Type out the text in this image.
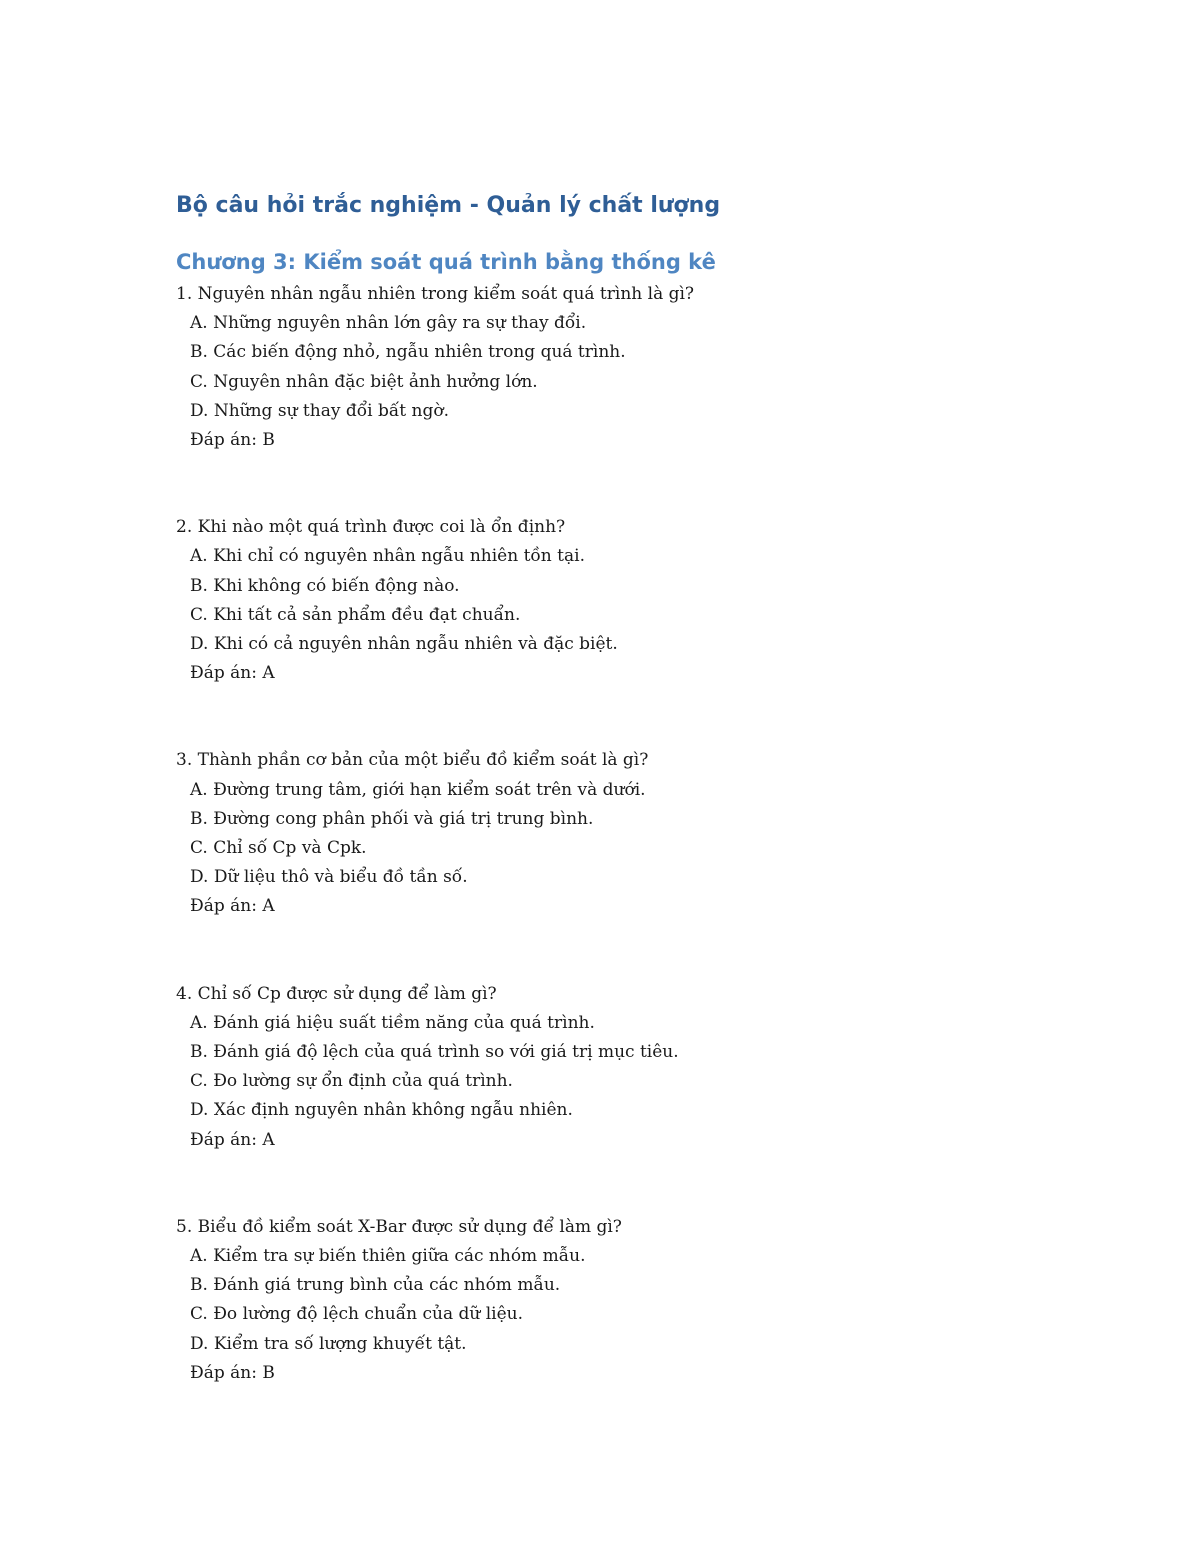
Bộ câu hỏi trắc nghiệm - Quản lý chất lượng
Chương 3: Kiểm soát quá trình bằng thống kê

1. Nguyên nhân ngẫu nhiên trong kiểm soát quá trình là gì?

A. Những nguyên nhân lớn gây ra sự thay đổi.

B. Các biến động nhỏ, ngẫu nhiên trong quá trình.

C. Nguyên nhân đặc biệt ảnh hưởng lớn.

D. Những sự thay đổi bất ngờ.

Đáp án: B

2. Khi nào một quá trình được coi là ổn định?

A. Khi chỉ có nguyên nhân ngẫu nhiên tồn tại.

B. Khi không có biến động nào.

C. Khi tất cả sản phẩm đều đạt chuẩn.

D. Khi có cả nguyên nhân ngẫu nhiên và đặc biệt.

Đáp án: A

3. Thành phần cơ bản của một biểu đồ kiểm soát là gì?

A. Đường trung tâm, giới hạn kiểm soát trên và dưới.

B. Đường cong phân phối và giá trị trung bình.

C. Chỉ số Cp và Cpk.

D. Dữ liệu thô và biểu đồ tần số.

Đáp án: A

4. Chỉ số Cp được sử dụng để làm gì?

A. Đánh giá hiệu suất tiềm năng của quá trình.

B. Đánh giá độ lệch của quá trình so với giá trị mục tiêu.

C. Đo lường sự ổn định của quá trình.

D. Xác định nguyên nhân không ngẫu nhiên.

Đáp án: A

5. Biểu đồ kiểm soát X-Bar được sử dụng để làm gì?

A. Kiểm tra sự biến thiên giữa các nhóm mẫu.

B. Đánh giá trung bình của các nhóm mẫu.

C. Đo lường độ lệch chuẩn của dữ liệu.

D. Kiểm tra số lượng khuyết tật.

Đáp án: B
